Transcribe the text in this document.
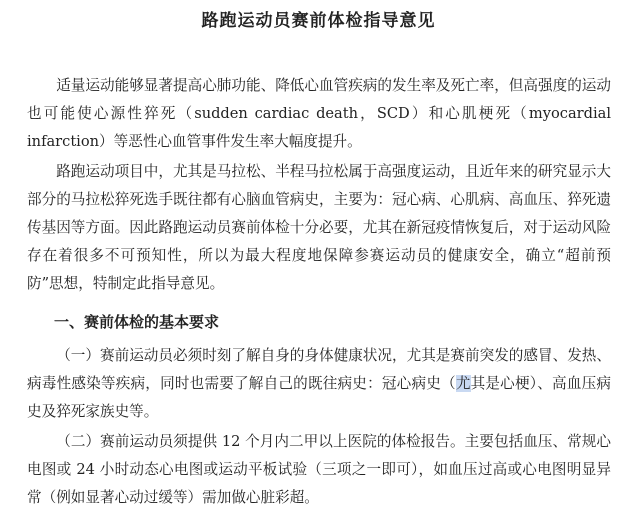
路跑运动员赛前体检指导意见

适量运动能够显著提高心肺功能、降低心血管疾病的发生率及死亡率，但高强度的运动也可能使心源性猝死（sudden cardiac death，SCD）和心肌梗死（myocardial infarction）等恶性心血管事件发生率大幅度提升。

路跑运动项目中，尤其是马拉松、半程马拉松属于高强度运动，且近年来的研究显示大部分的马拉松猝死选手既往都有心脑血管病史，主要为：冠心病、心肌病、高血压、猝死遗传基因等方面。因此路跑运动员赛前体检十分必要，尤其在新冠疫情恢复后，对于运动风险存在着很多不可预知性，所以为最大程度地保障参赛运动员的健康安全，确立“超前预防”思想，特制定此指导意见。

一、赛前体检的基本要求

（一）赛前运动员必须时刻了解自身的身体健康状况，尤其是赛前突发的感冒、发热、病毒性感染等疾病，同时也需要了解自己的既往病史：冠心病史（尤其是心梗）、高血压病史及猝死家族史等。

（二）赛前运动员须提供 12 个月内二甲以上医院的体检报告。主要包括血压、常规心电图或 24 小时动态心电图或运动平板试验（三项之一即可），如血压过高或心电图明显异常（例如显著心动过缓等）需加做心脏彩超。
